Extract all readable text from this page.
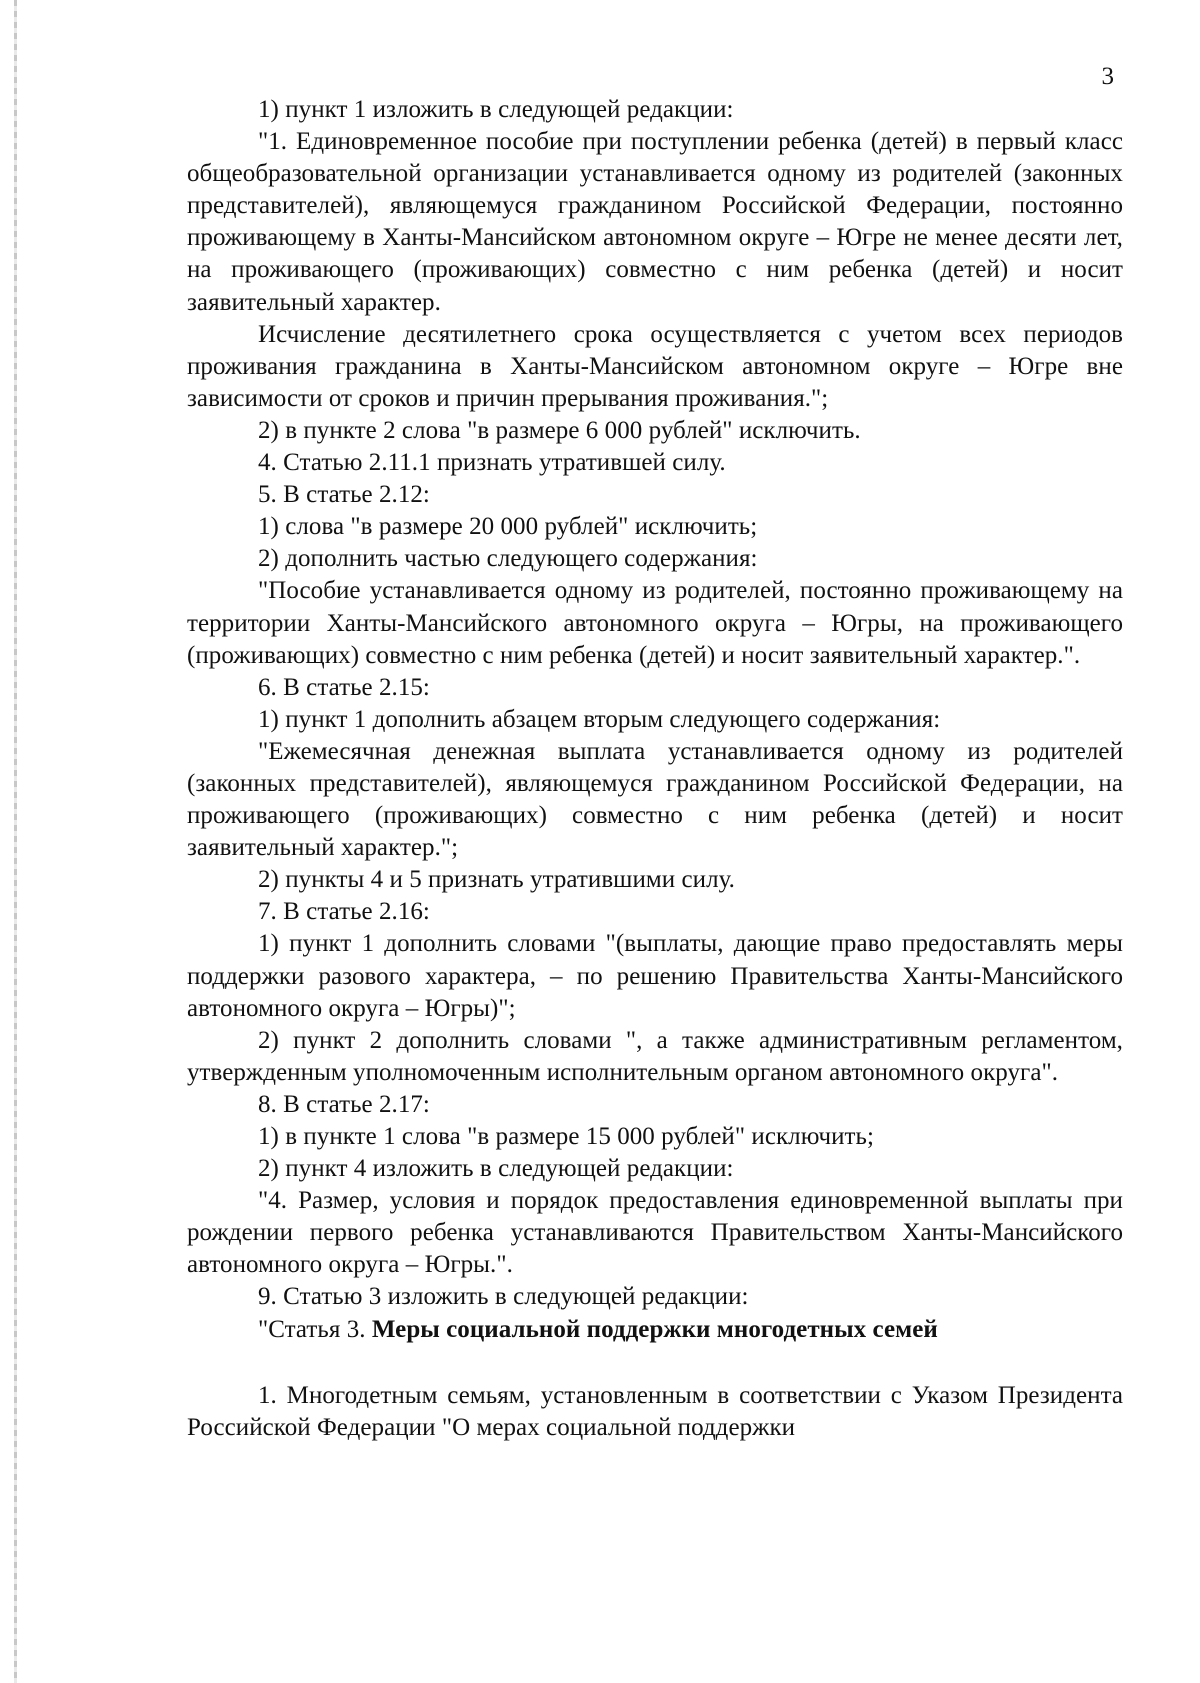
3

1) пункт 1 изложить в следующей редакции:

"1. Единовременное пособие при поступлении ребенка (детей) в первый класс общеобразовательной организации устанавливается одному из родителей (законных представителей), являющемуся гражданином Российской Федерации, постоянно проживающему в Ханты-Мансийском автономном округе – Югре не менее десяти лет, на проживающего (проживающих) совместно с ним ребенка (детей) и носит заявительный характер.

Исчисление десятилетнего срока осуществляется с учетом всех периодов проживания гражданина в Ханты-Мансийском автономном округе – Югре вне зависимости от сроков и причин прерывания проживания.";

2) в пункте 2 слова "в размере 6 000 рублей" исключить.

4. Статью 2.11.1 признать утратившей силу.

5. В статье 2.12:

1) слова "в размере 20 000 рублей" исключить;

2) дополнить частью следующего содержания:

"Пособие устанавливается одному из родителей, постоянно проживающему на территории Ханты-Мансийского автономного округа – Югры, на проживающего (проживающих) совместно с ним ребенка (детей) и носит заявительный характер.".

6. В статье 2.15:

1) пункт 1 дополнить абзацем вторым следующего содержания:

"Ежемесячная денежная выплата устанавливается одному из родителей (законных представителей), являющемуся гражданином Российской Федерации, на проживающего (проживающих) совместно с ним ребенка (детей) и носит заявительный характер.";

2) пункты 4 и 5 признать утратившими силу.

7. В статье 2.16:

1) пункт 1 дополнить словами "(выплаты, дающие право предоставлять меры поддержки разового характера, – по решению Правительства Ханты-Мансийского автономного округа – Югры)";

2) пункт 2 дополнить словами ", а также административным регламентом, утвержденным уполномоченным исполнительным органом автономного округа".

8. В статье 2.17:

1) в пункте 1 слова "в размере 15 000 рублей" исключить;

2) пункт 4 изложить в следующей редакции:

"4. Размер, условия и порядок предоставления единовременной выплаты при рождении первого ребенка устанавливаются Правительством Ханты-Мансийского автономного округа – Югры.".

9. Статью 3 изложить в следующей редакции:

"Статья 3. Меры социальной поддержки многодетных семей

1. Многодетным семьям, установленным в соответствии с Указом Президента Российской Федерации "О мерах социальной поддержки
